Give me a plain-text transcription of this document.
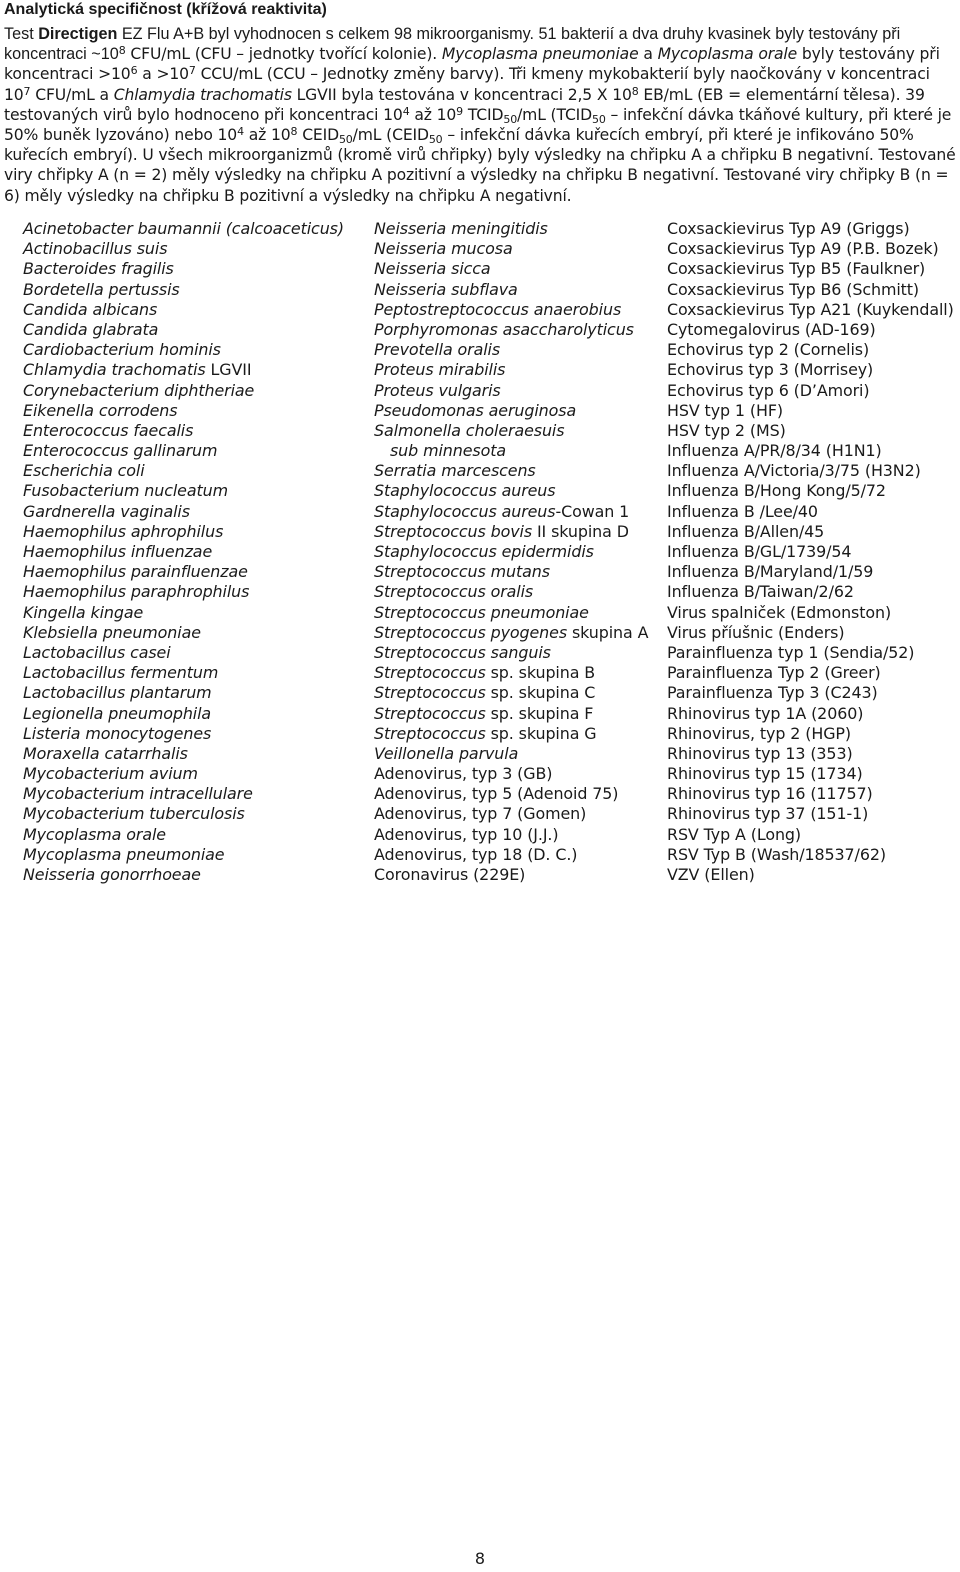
Analytická specifičnost (křížová reaktivita)

Test Directigen EZ Flu A+B byl vyhodnocen s celkem 98 mikroorganismy. 51 bakterií a dva druhy kvasinek byly testovány při koncentraci $\sim 10^8$ CFU/mL (CFU – jednotky tvořící kolonie). Mycoplasma pneumoniae a Mycoplasma orale byly testovány při koncentraci $>10^6$ $a >10^7$ CCU/mL (CCU – Jednotky změny barvy). Tři kmeny mykobakterií byly naočkovány v koncentraci $10^7$ CFU/mL a Chlamydia trachomatis LGVII byla testována v koncentraci 2,5 X $10^8$ EB/mL (EB = elementární tělesa). 39 testovaných virů bylo hodnoceno při koncentraci $10^4$ až $10^9$ $TCID_{50}/mL$ ($TCID_{50}$ – infekční dávka tkáňové kultury, při které je 50% buněk lyzováno) nebo $10^4$ až $10^8$ $CEID_{50}/mL$ ($CEID_{50}$ – infekční dávka kuřecích embryí, při které je infikováno 50% kuřecích embryí). U všech mikroorganizmů (kromě virů chřipky) byly výsledky na chřipku A a chřipku B negativní. Testované viry chřipky A (n = 2) měly výsledky na chřipku A pozitivní a výsledky na chřipku B negativní. Testované viry chřipky B (n = 6) měly výsledky na chřipku B pozitivní a výsledky na chřipku A negativní.

Acinetobacter baumannii (calcoaceticus)
Actinobacillus suis
Bacteroides fragilis
Bordetella pertussis
Candida albicans
Candida glabrata
Cardiobacterium hominis
Chlamydia trachomatis LGVII
Corynebacterium diphtheriae
Eikenella corrodens
Enterococcus faecalis
Enterococcus gallinarum
Escherichia coli
Fusobacterium nucleatum
Gardnerella vaginalis
Haemophilus aphrophilus
Haemophilus influenzae
Haemophilus parainfluenzae
Haemophilus paraphrophilus
Kingella kingae
Klebsiella pneumoniae
Lactobacillus casei
Lactobacillus fermentum
Lactobacillus plantarum
Legionella pneumophila
Listeria monocytogenes
Moraxella catarrhalis
Mycobacterium avium
Mycobacterium intracellulare
Mycobacterium tuberculosis
Mycoplasma orale
Mycoplasma pneumoniae
Neisseria gonorrhoeae
Neisseria meningitidis
Neisseria mucosa
Neisseria sicca
Neisseria subflava
Peptostreptococcus anaerobius
Porphyromonas asaccharolyticus
Prevotella oralis
Proteus mirabilis
Proteus vulgaris
Pseudomonas aeruginosa
Salmonella choleraesuis
sub minnesota
Serratia marcescens
Staphylococcus aureus
Staphylococcus aureus-Cowan 1
Streptococcus bovis II skupina D
Staphylococcus epidermidis
Streptococcus mutans
Streptococcus oralis
Streptococcus pneumoniae
Streptococcus pyogenes skupina A
Streptococcus sanguis
Streptococcus sp. skupina B
Streptococcus sp. skupina C
Streptococcus sp. skupina F
Streptococcus sp. skupina G
Veillonella parvula
Adenovirus, typ 3 (GB)
Adenovirus, typ 5 (Adenoid 75)
Adenovirus, typ 7 (Gomen)
Adenovirus, typ 10 (J.J.)
Adenovirus, typ 18 (D. C.)
Coronavirus (229E)
Coxsackievirus Typ A9 (Griggs)
Coxsackievirus Typ A9 (P.B. Bozek)
Coxsackievirus Typ B5 (Faulkner)
Coxsackievirus Typ B6 (Schmitt)
Coxsackievirus Typ A21 (Kuykendall)
Cytomegalovirus (AD-169)
Echovirus typ 2 (Cornelis)
Echovirus typ 3 (Morrisey)
Echovirus typ 6 (D’Amori)
HSV typ 1 (HF)
HSV typ 2 (MS)
Influenza A/PR/8/34 (H1N1)
Influenza A/Victoria/3/75 (H3N2)
Influenza B/Hong Kong/5/72
Influenza B /Lee/40
Influenza B/Allen/45
Influenza B/GL/1739/54
Influenza B/Maryland/1/59
Influenza B/Taiwan/2/62
Virus spalniček (Edmonston)
Virus příušnic (Enders)
Parainfluenza typ 1 (Sendia/52)
Parainfluenza Typ 2 (Greer)
Parainfluenza Typ 3 (C243)
Rhinovirus typ 1A (2060)
Rhinovirus, typ 2 (HGP)
Rhinovirus typ 13 (353)
Rhinovirus typ 15 (1734)
Rhinovirus typ 16 (11757)
Rhinovirus typ 37 (151-1)
RSV Typ A (Long)
RSV Typ B (Wash/18537/62)
VZV (Ellen)
8
